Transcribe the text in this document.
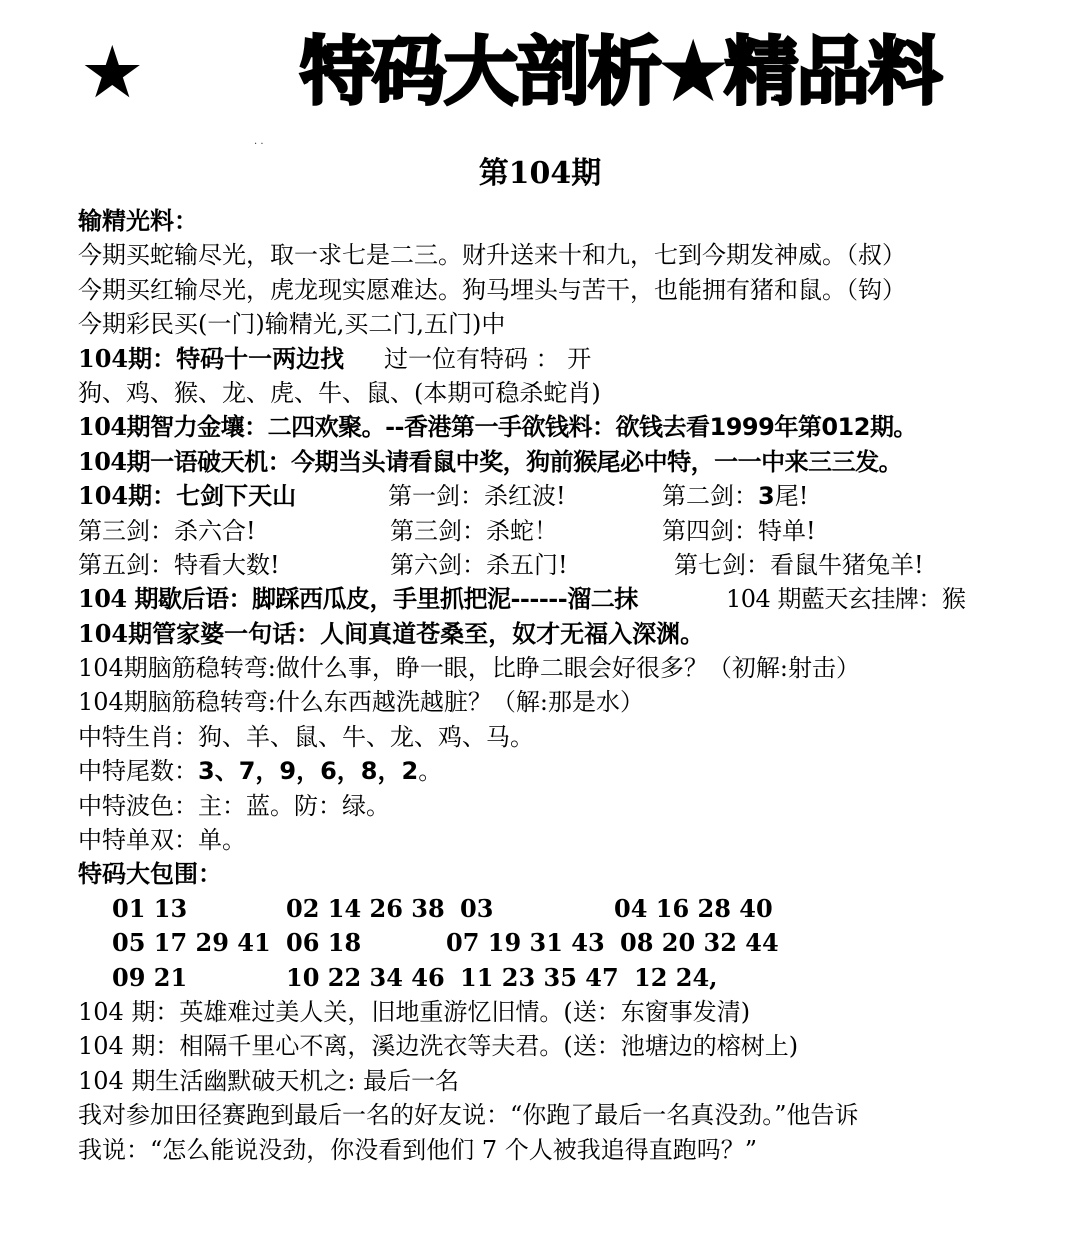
★ 特码大剖析★精品料
. .
第104期
输精光料：
今期买蛇输尽光，取一求七是二三。财升送来十和九，七到今期发神威。（叔）
今期买红输尽光，虎龙现实愿难达。狗马埋头与苦干，也能拥有猪和鼠。（钩）
今期彩民买(一门)输精光,买二门,五门)中
104期：特码十一两边找 过一位有特码 ： 开
狗、鸡、猴、龙、虎、牛、鼠、(本期可稳杀蛇肖)
104期智力金壤：二四欢聚。--香港第一手欲钱料：欲钱去看1999年第012期。
104期一语破天机：今期当头请看鼠中奖，狗前猴尾必中特，一一中来三三发。
104期：七剑下天山	第一剑：杀红波!	第二剑：3尾!
第三剑：杀六合!	第三剑：杀蛇！	第四剑：特单!
第五剑：特看大数!	第六剑：杀五门!	第七剑：看鼠牛猪兔羊!
104 期歇后语：脚踩西瓜皮，手里抓把泥------溜二抹	104 期藍天玄挂牌：猴
104期管家婆一句话：人间真道苍桑至，奴才无福入深渊。
104期脑筋稳转弯:做什么事，睁一眼，比睁二眼会好很多？（初解:射击）
104期脑筋稳转弯:什么东西越洗越脏？（解:那是水）
中特生肖：狗、羊、鼠、牛、龙、鸡、马。
中特尾数：3、7，9，6，8，2。
中特波色：主：蓝。防：绿。
中特单双：单。
特码大包围：
01 13	02 14 26 38 03	04 16 28 40
05 17 29 41 06 18	07 19 31 43 08 20 32 44
09 21	10 22 34 46 11 23 35 47 12 24,
104 期：英雄难过美人关，旧地重游忆旧情。(送：东窗事发清)
104 期：相隔千里心不离，溪边洗衣等夫君。(送：池塘边的榕树上)
104 期生活幽默破天机之: 最后一名
我对参加田径赛跑到最后一名的好友说：“你跑了最后一名真没劲。”他告诉
我说：“怎么能说没劲，你没看到他们 7 个人被我追得直跑吗？”
